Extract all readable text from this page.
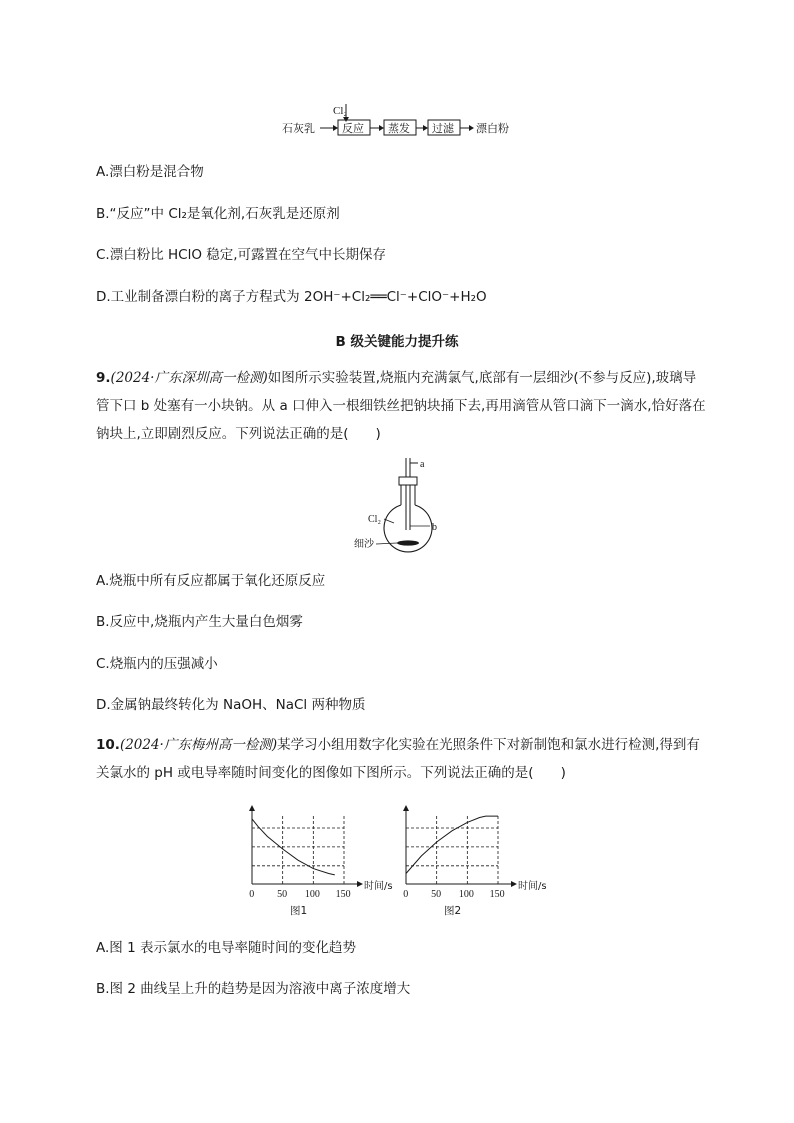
Cl₂
石灰乳 反应 蒸发 过滤 漂白粉
A.漂白粉是混合物
B.“反应”中 Cl₂是氧化剂,石灰乳是还原剂
C.漂白粉比 HClO 稳定,可露置在空气中长期保存
D.工业制备漂白粉的离子方程式为 2OH⁻+Cl₂══Cl⁻+ClO⁻+H₂O
B 级关键能力提升练
9.(2024·广东深圳高一检测)如图所示实验装置,烧瓶内充满氯气,底部有一层细沙(不参与反应),玻璃导管下口 b 处塞有一小块钠。从 a 口伸入一根细铁丝把钠块捅下去,再用滴管从管口滴下一滴水,恰好落在钠块上,立即剧烈反应。下列说法正确的是(　　)
a
b
Cl₂
细沙
A.烧瓶中所有反应都属于氧化还原反应
B.反应中,烧瓶内产生大量白色烟雾
C.烧瓶内的压强减小
D.金属钠最终转化为 NaOH、NaCl 两种物质
10.(2024·广东梅州高一检测)某学习小组用数字化实验在光照条件下对新制饱和氯水进行检测,得到有关氯水的 pH 或电导率随时间变化的图像如下图所示。下列说法正确的是(　　)
0 50 100 150
时间/s
图1
0 50 100 150
时间/s
图2
A.图 1 表示氯水的电导率随时间的变化趋势
B.图 2 曲线呈上升的趋势是因为溶液中离子浓度增大
